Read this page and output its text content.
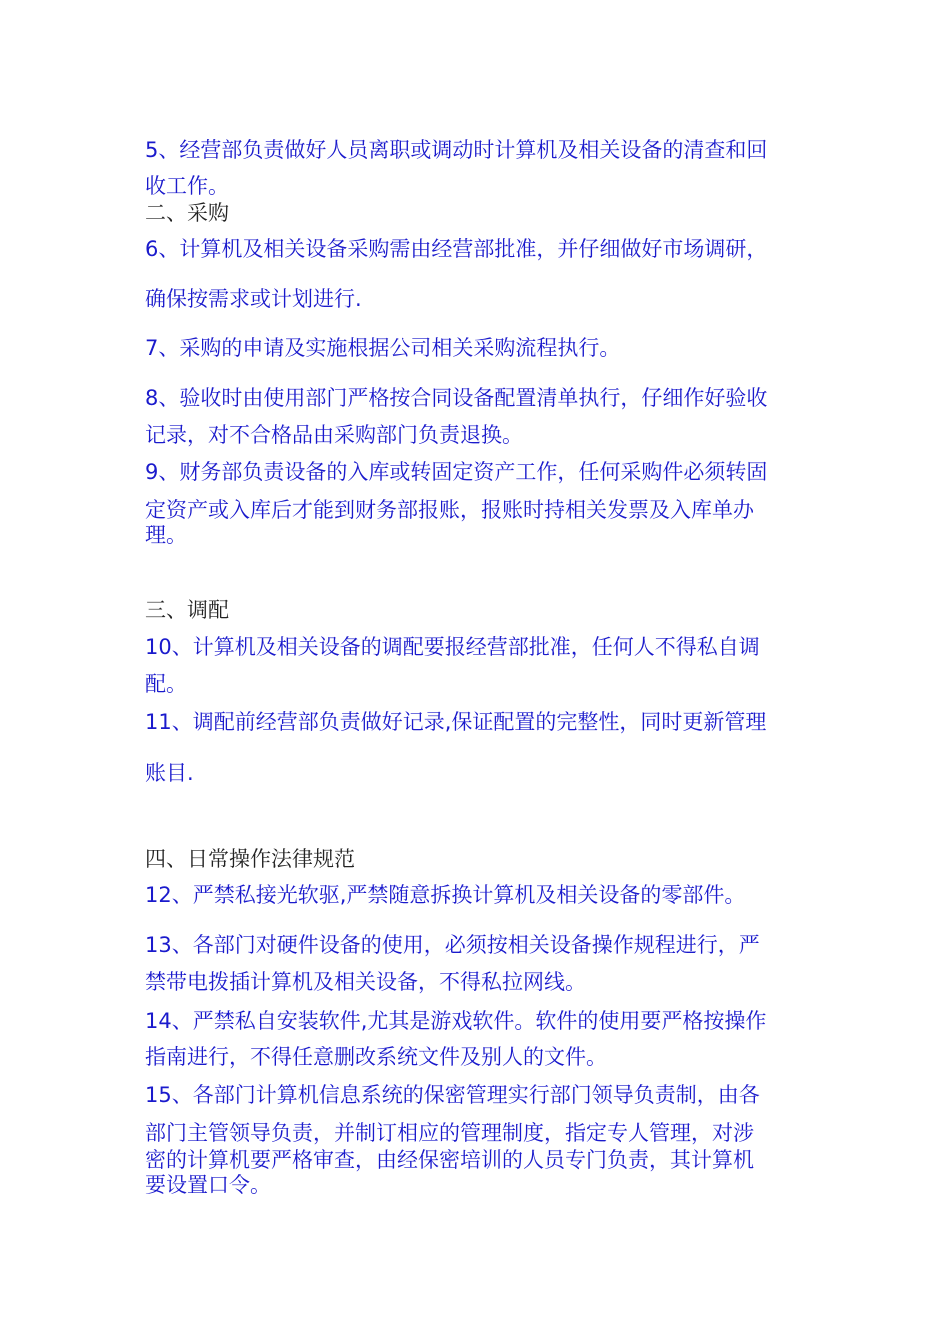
5、经营部负责做好人员离职或调动时计算机及相关设备的清查和回
收工作。
二、采购
6、计算机及相关设备采购需由经营部批准，并仔细做好市场调研，
确保按需求或计划进行.
7、采购的申请及实施根据公司相关采购流程执行。
8、验收时由使用部门严格按合同设备配置清单执行，仔细作好验收
记录，对不合格品由采购部门负责退换。
9、财务部负责设备的入库或转固定资产工作，任何采购件必须转固
定资产或入库后才能到财务部报账，报账时持相关发票及入库单办
理。
三、调配
10、计算机及相关设备的调配要报经营部批准，任何人不得私自调
配。
11、调配前经营部负责做好记录,保证配置的完整性，同时更新管理
账目.
四、日常操作法律规范
12、严禁私接光软驱,严禁随意拆换计算机及相关设备的零部件。
13、各部门对硬件设备的使用，必须按相关设备操作规程进行，严
禁带电拨插计算机及相关设备，不得私拉网线。
14、严禁私自安装软件,尤其是游戏软件。软件的使用要严格按操作
指南进行，不得任意删改系统文件及别人的文件。
15、各部门计算机信息系统的保密管理实行部门领导负责制，由各
部门主管领导负责，并制订相应的管理制度，指定专人管理，对涉
密的计算机要严格审查，由经保密培训的人员专门负责，其计算机
要设置口令。
